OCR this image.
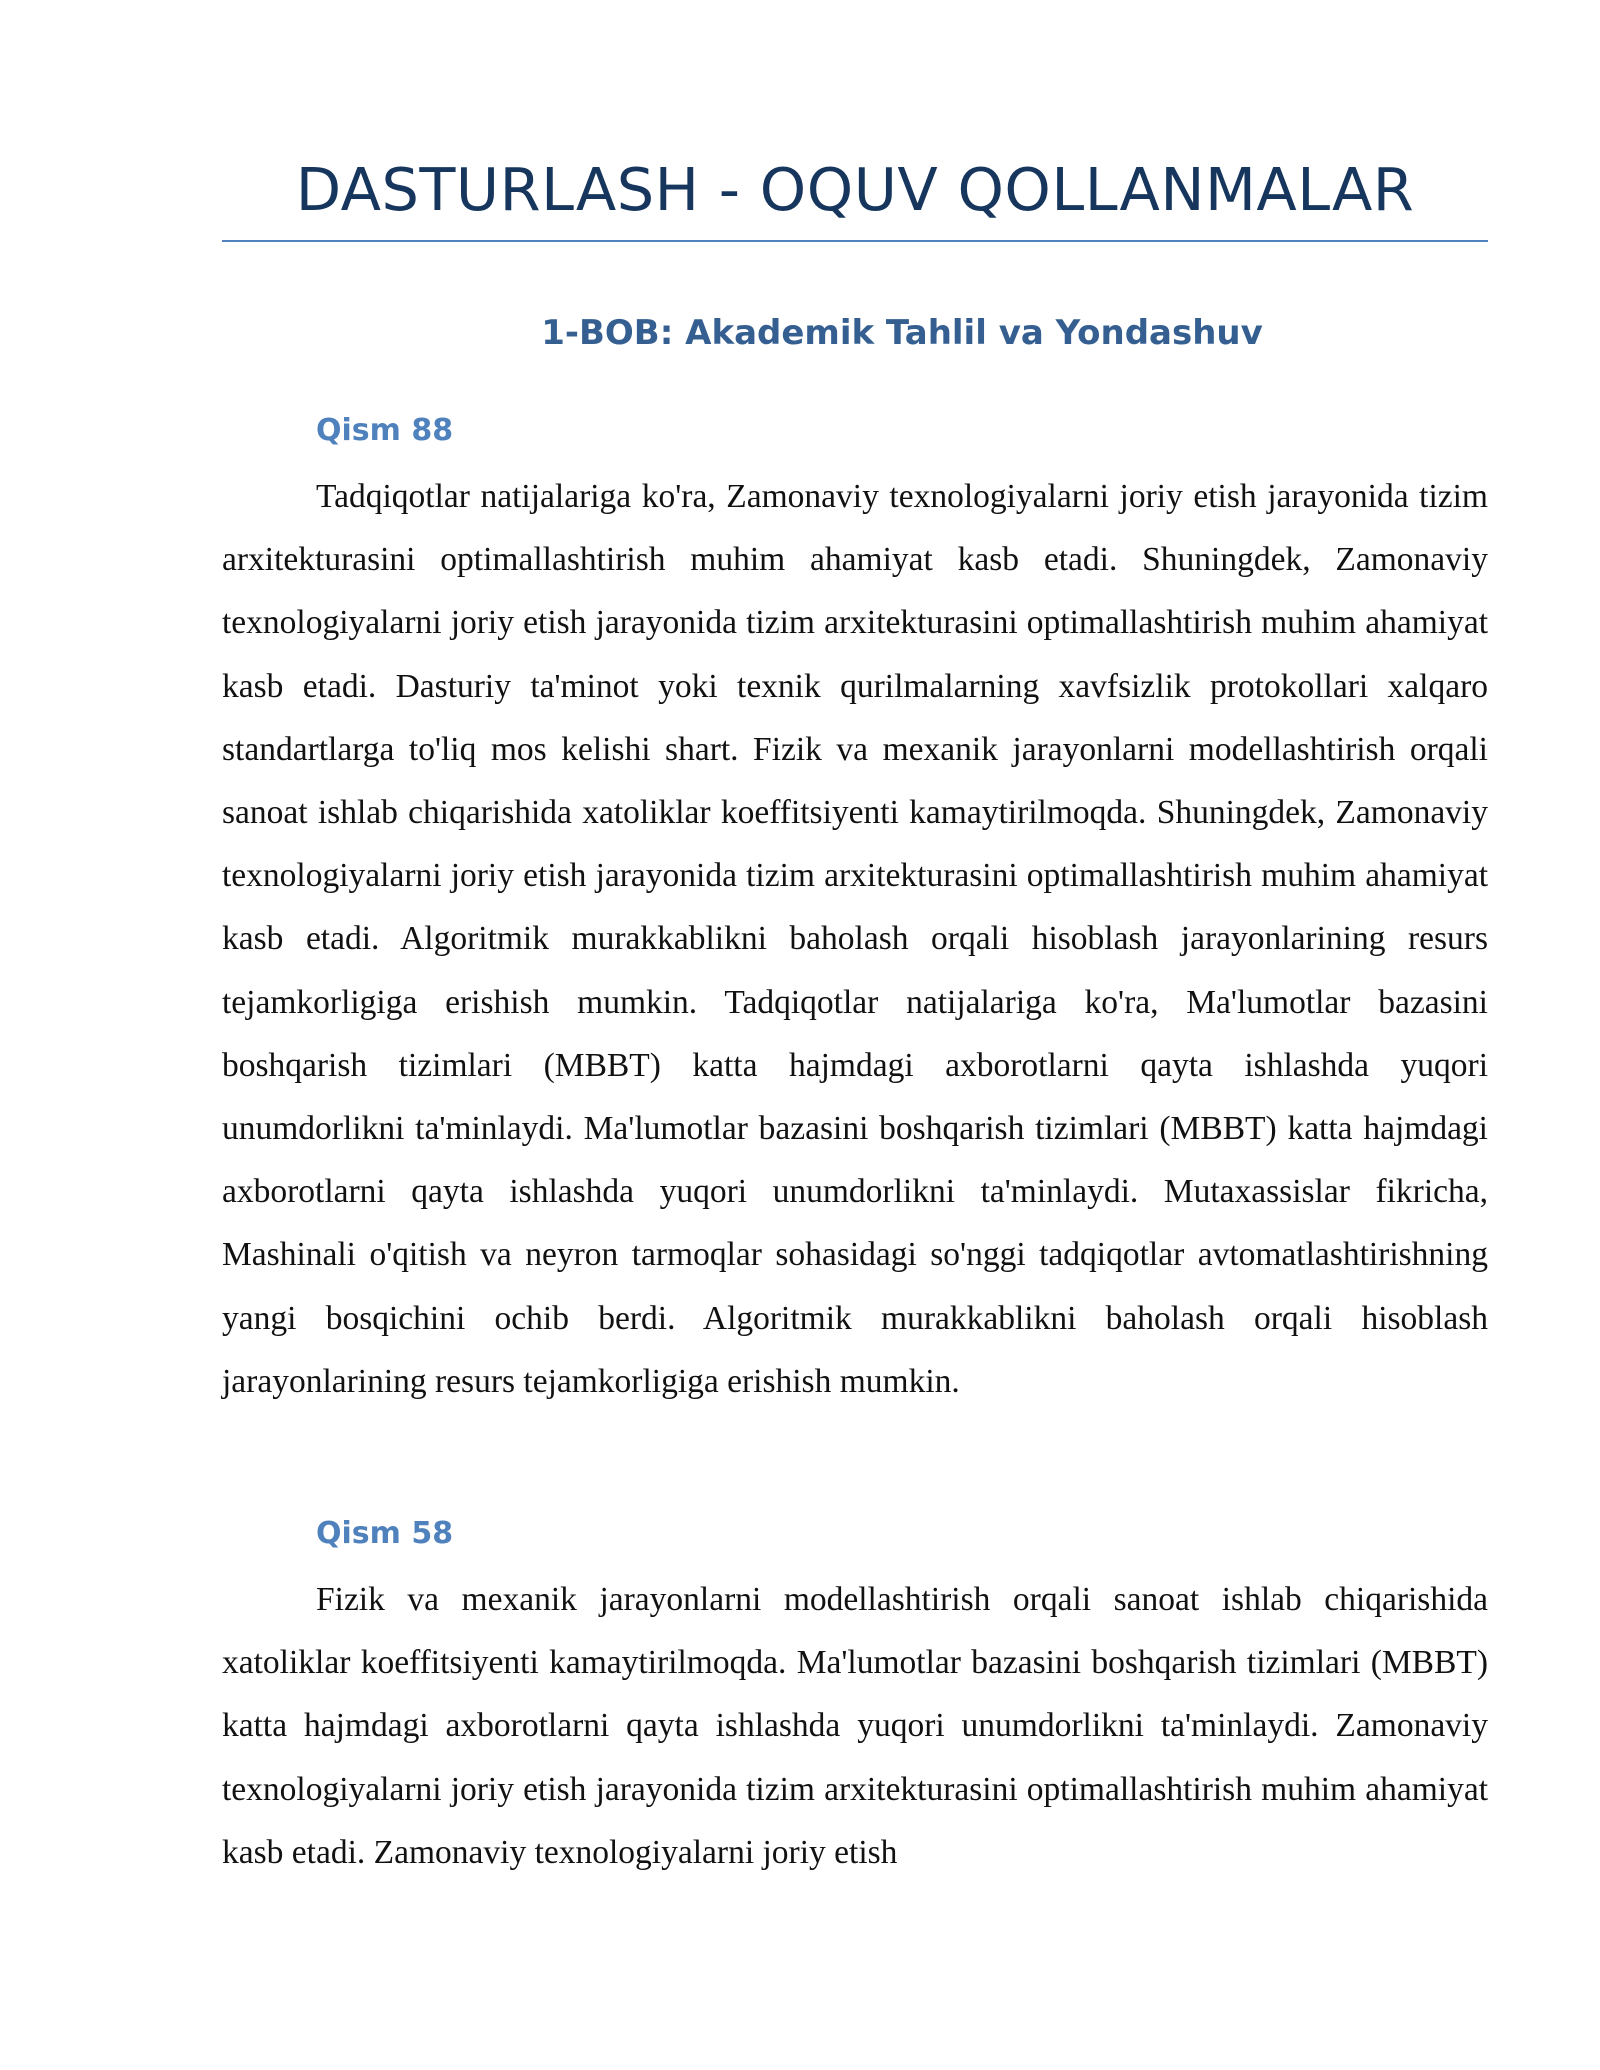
DASTURLASH - OQUV QOLLANMALAR
1-BOB: Akademik Tahlil va Yondashuv
Qism 88

Tadqiqotlar natijalariga ko'ra, Zamonaviy texnologiyalarni joriy etish jarayonida tizim arxitekturasini optimallashtirish muhim ahamiyat kasb etadi. Shuningdek, Zamonaviy texnologiyalarni joriy etish jarayonida tizim arxitekturasini optimallashtirish muhim ahamiyat kasb etadi. Dasturiy ta'minot yoki texnik qurilmalarning xavfsizlik protokollari xalqaro standartlarga to'liq mos kelishi shart. Fizik va mexanik jarayonlarni modellashtirish orqali sanoat ishlab chiqarishida xatoliklar koeffitsiyenti kamaytirilmoqda. Shuningdek, Zamonaviy texnologiyalarni joriy etish jarayonida tizim arxitekturasini optimallashtirish muhim ahamiyat kasb etadi. Algoritmik murakkablikni baholash orqali hisoblash jarayonlarining resurs tejamkorligiga erishish mumkin. Tadqiqotlar natijalariga ko'ra, Ma'lumotlar bazasini boshqarish tizimlari (MBBT) katta hajmdagi axborotlarni qayta ishlashda yuqori unumdorlikni ta'minlaydi. Ma'lumotlar bazasini boshqarish tizimlari (MBBT) katta hajmdagi axborotlarni qayta ishlashda yuqori unumdorlikni ta'minlaydi. Mutaxassislar fikricha, Mashinali o'qitish va neyron tarmoqlar sohasidagi so'nggi tadqiqotlar avtomatlashtirishning yangi bosqichini ochib berdi. Algoritmik murakkablikni baholash orqali hisoblash jarayonlarining resurs tejamkorligiga erishish mumkin.

Qism 58

Fizik va mexanik jarayonlarni modellashtirish orqali sanoat ishlab chiqarishida xatoliklar koeffitsiyenti kamaytirilmoqda. Ma'lumotlar bazasini boshqarish tizimlari (MBBT) katta hajmdagi axborotlarni qayta ishlashda yuqori unumdorlikni ta'minlaydi. Zamonaviy texnologiyalarni joriy etish jarayonida tizim arxitekturasini optimallashtirish muhim ahamiyat kasb etadi. Zamonaviy texnologiyalarni joriy etish
